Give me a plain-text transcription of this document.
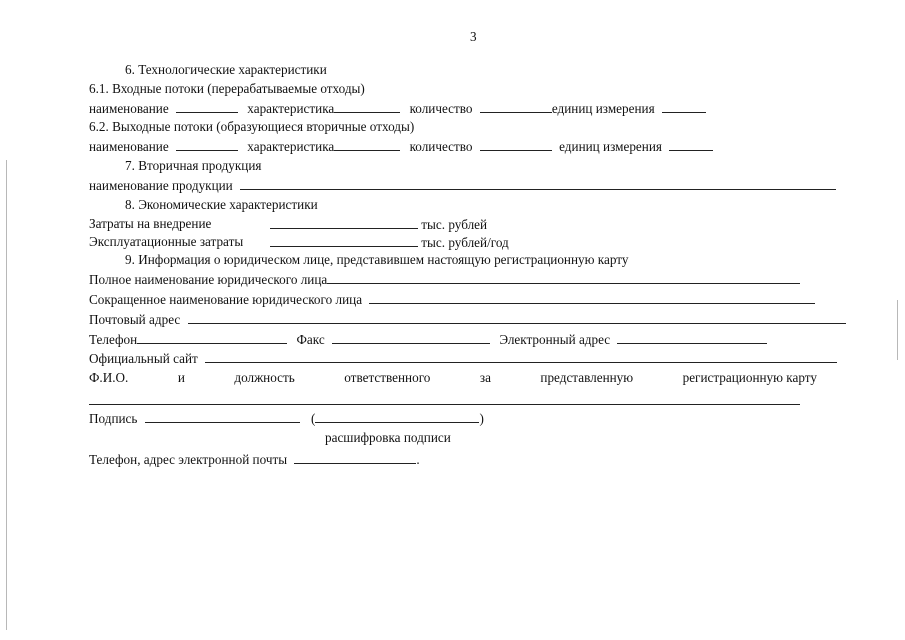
3
6. Технологические характеристики
6.1. Входные потоки (перерабатываемые отходы)
наименование	характеристика	количество	единиц измерения
6.2. Выходные потоки (образующиеся вторичные отходы)
наименование	характеристика	количество	единиц измерения
7. Вторичная продукция
наименование продукции
8. Экономические характеристики
Затраты на внедрение	тыс. рублей
Эксплуатационные затраты	тыс. рублей/год
9. Информация о юридическом лице, представившем настоящую регистрационную карту
Полное наименование юридического лица
Сокращенное наименование юридического лица
Почтовый адрес
Телефон	Факс	Электронный адрес
Официальный сайт
Ф.И.О.	и	должность	ответственного	за	представленную	регистрационную карту
Подпись	(	)
расшифровка подписи
Телефон, адрес электронной почты	.
